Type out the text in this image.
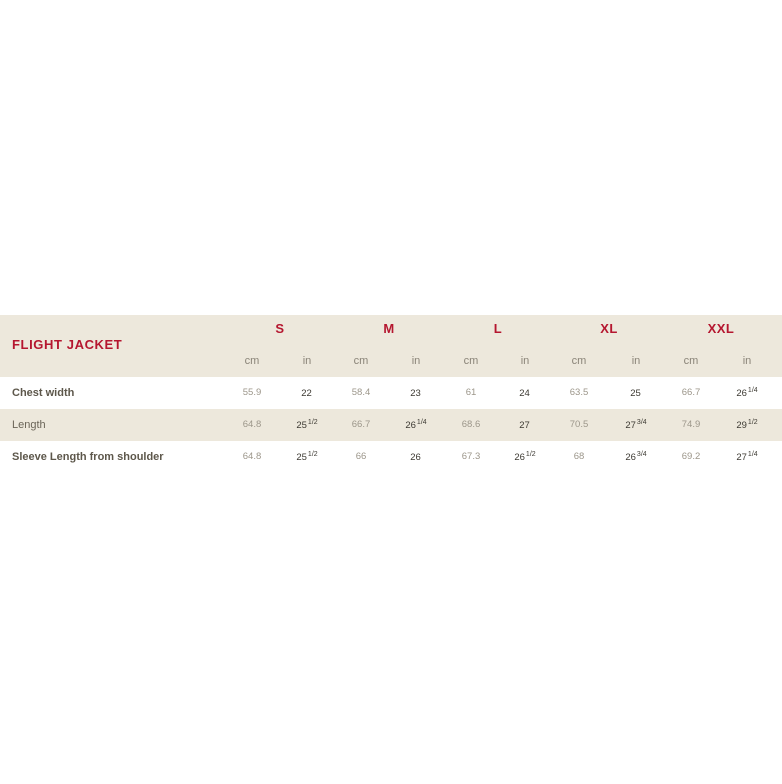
FLIGHT JACKET
S	M	L	XL	XXL
cm	in	cm	in	cm	in	cm	in	cm	in
Chest width	55.9	22	58.4	23	61	24	63.5	25	66.7	$26^{1/4}$
Length	64.8	$25^{1/2}$	66.7	$26^{1/4}$	68.6	27	70.5	$27^{3/4}$	74.9	$29^{1/2}$
Sleeve Length from shoulder	64.8	$25^{1/2}$	66	26	67.3	$26^{1/2}$	68	$26^{3/4}$	69.2	$27^{1/4}$
